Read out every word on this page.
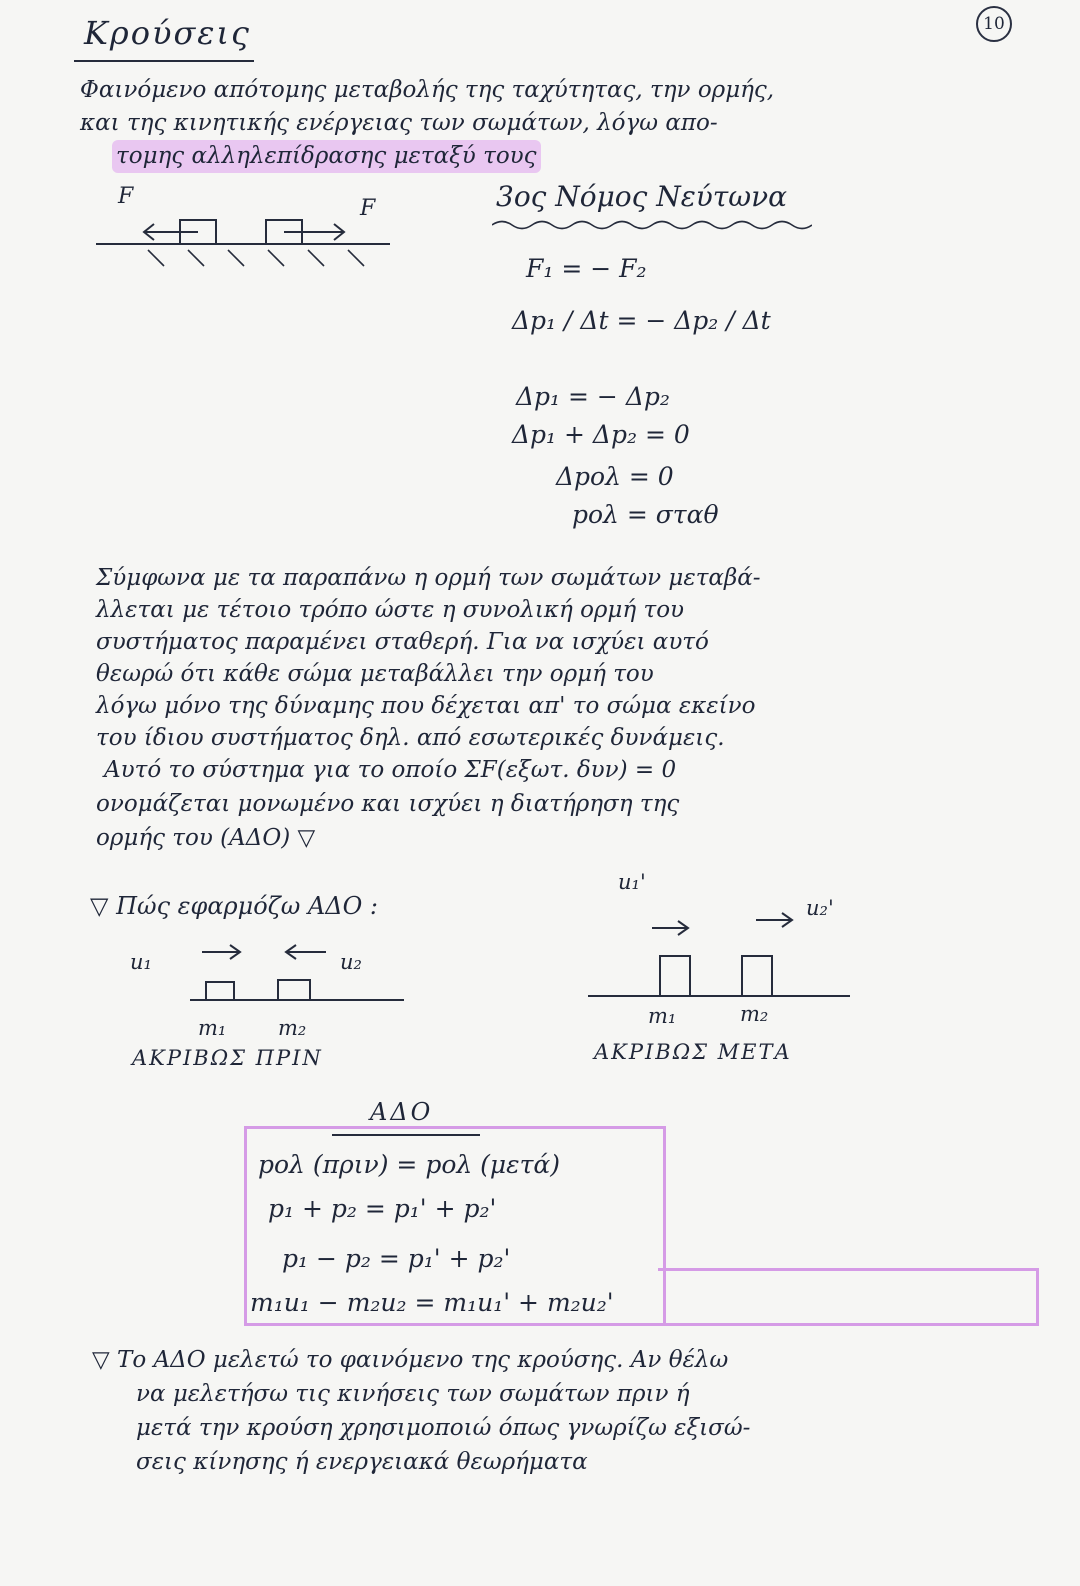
10
Κρούσεις
Φαινόμενο απότομης μεταβολής της ταχύτητας, την ορμής,
και της κινητικής ενέργειας των σωμάτων, λόγω απο-
τομης αλληλεπίδρασης μεταξύ τους
F	F	3ος Νόμος Νεύτωνα
F₁ = − F₂
Δp₁ / Δt = − Δp₂ / Δt
Δp₁ = − Δp₂
Δp₁ + Δp₂ = 0
Δpολ = 0
pολ = σταθ
Σύμφωνα με τα παραπάνω η ορμή των σωμάτων μεταβά-
λλεται με τέτοιο τρόπο ώστε η συνολική ορμή του
συστήματος παραμένει σταθερή. Για να ισχύει αυτό
θεωρώ ότι κάθε σώμα μεταβάλλει την ορμή του
λόγω μόνο της δύναμης που δέχεται απ' το σώμα εκείνο
του ίδιου συστήματος δηλ. από εσωτερικές δυνάμεις.
Αυτό το σύστημα για το οποίο ΣF(εξωτ. δυν) = 0
ονομάζεται μονωμένο και ισχύει η διατήρηση της
ορμής του (ΑΔΟ) ▽
▽ Πώς εφαρμόζω ΑΔΟ :
u₁	u₂
m₁ m₂
ΑΚΡΙΒΩΣ ΠΡΙΝ
u₁'
u₂'
m₁	m₂
ΑΚΡΙΒΩΣ ΜΕΤΑ
ΑΔΟ
pολ (πριν) = pολ (μετά)
p₁ + p₂ = p₁' + p₂'
p₁ − p₂ = p₁' + p₂'
m₁u₁ − m₂u₂ = m₁u₁' + m₂u₂'
▽ Το ΑΔΟ μελετώ το φαινόμενο της κρούσης. Αν θέλω
να μελετήσω τις κινήσεις των σωμάτων πριν ή
μετά την κρούση χρησιμοποιώ όπως γνωρίζω εξισώ-
σεις κίνησης ή ενεργειακά θεωρήματα
